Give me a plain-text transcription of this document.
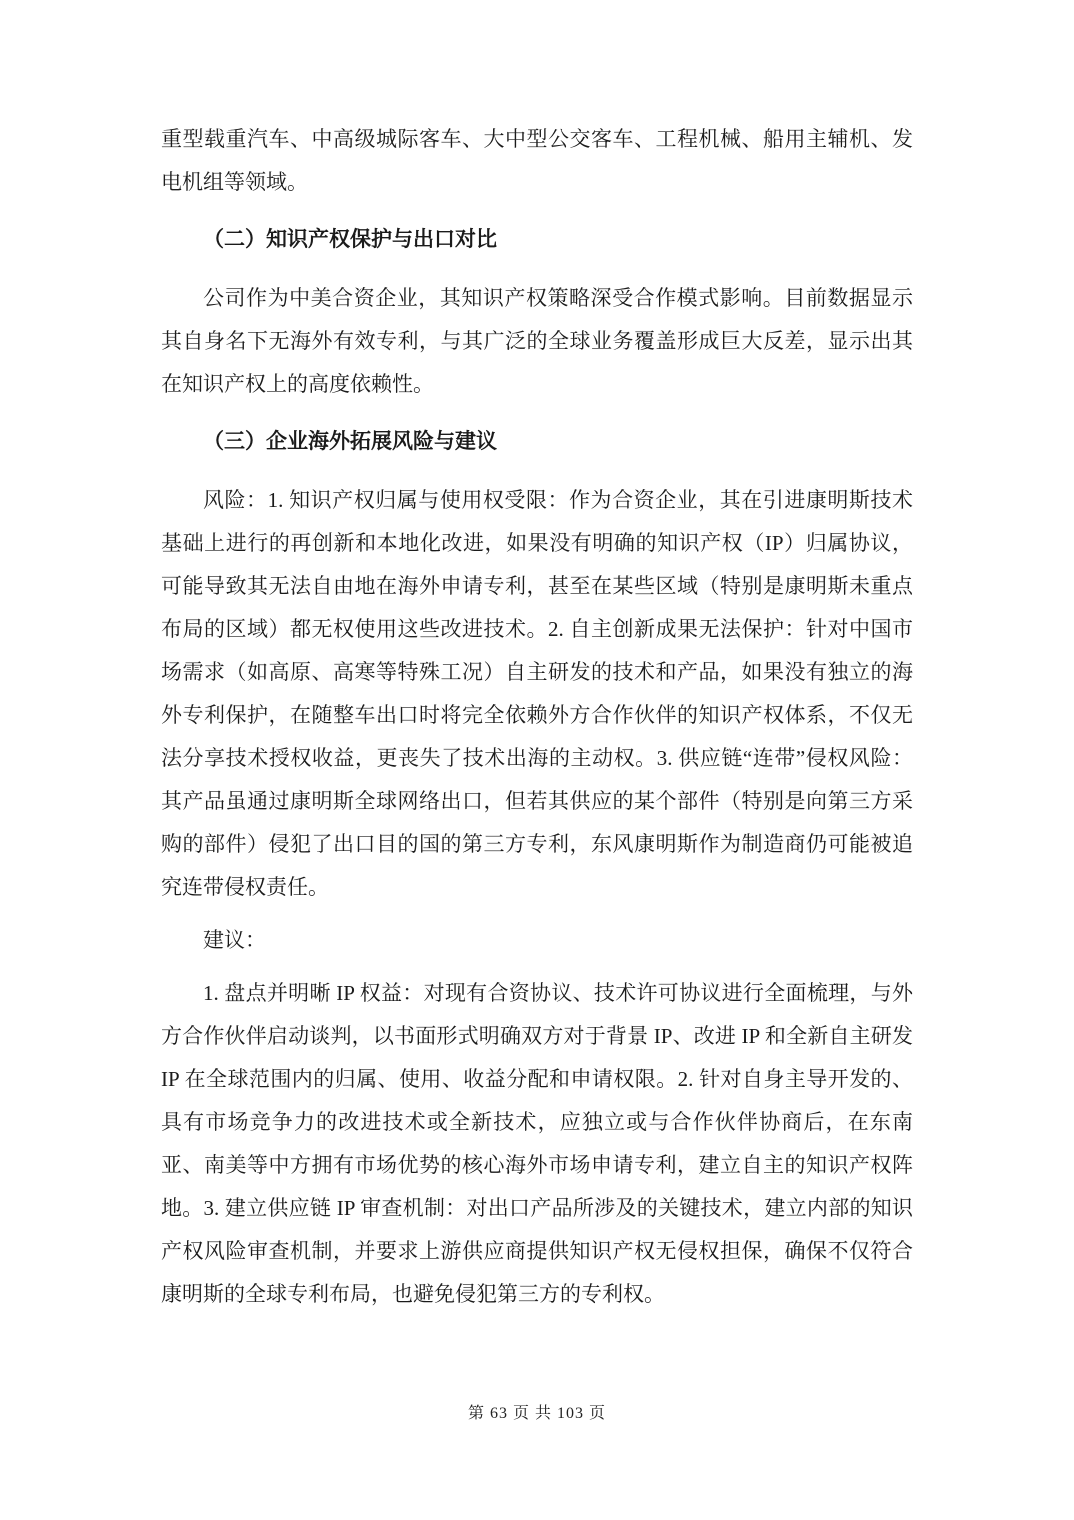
重型载重汽车、中高级城际客车、大中型公交客车、工程机械、船用主辅机、发电机组等领域。

（二）知识产权保护与出口对比

公司作为中美合资企业，其知识产权策略深受合作模式影响。目前数据显示其自身名下无海外有效专利，与其广泛的全球业务覆盖形成巨大反差，显示出其在知识产权上的高度依赖性。

（三）企业海外拓展风险与建议

风险：1. 知识产权归属与使用权受限：作为合资企业，其在引进康明斯技术基础上进行的再创新和本地化改进，如果没有明确的知识产权（IP）归属协议，可能导致其无法自由地在海外申请专利，甚至在某些区域（特别是康明斯未重点布局的区域）都无权使用这些改进技术。2. 自主创新成果无法保护：针对中国市场需求（如高原、高寒等特殊工况）自主研发的技术和产品，如果没有独立的海外专利保护，在随整车出口时将完全依赖外方合作伙伴的知识产权体系，不仅无法分享技术授权收益，更丧失了技术出海的主动权。3. 供应链“连带”侵权风险：其产品虽通过康明斯全球网络出口，但若其供应的某个部件（特别是向第三方采购的部件）侵犯了出口目的国的第三方专利，东风康明斯作为制造商仍可能被追究连带侵权责任。

建议：

1. 盘点并明晰 IP 权益：对现有合资协议、技术许可协议进行全面梳理，与外方合作伙伴启动谈判，以书面形式明确双方对于背景 IP、改进 IP 和全新自主研发 IP 在全球范围内的归属、使用、收益分配和申请权限。2. 针对自身主导开发的、具有市场竞争力的改进技术或全新技术，应独立或与合作伙伴协商后，在东南亚、南美等中方拥有市场优势的核心海外市场申请专利，建立自主的知识产权阵地。3. 建立供应链 IP 审查机制：对出口产品所涉及的关键技术，建立内部的知识产权风险审查机制，并要求上游供应商提供知识产权无侵权担保，确保不仅符合康明斯的全球专利布局，也避免侵犯第三方的专利权。

第 63 页 共 103 页
